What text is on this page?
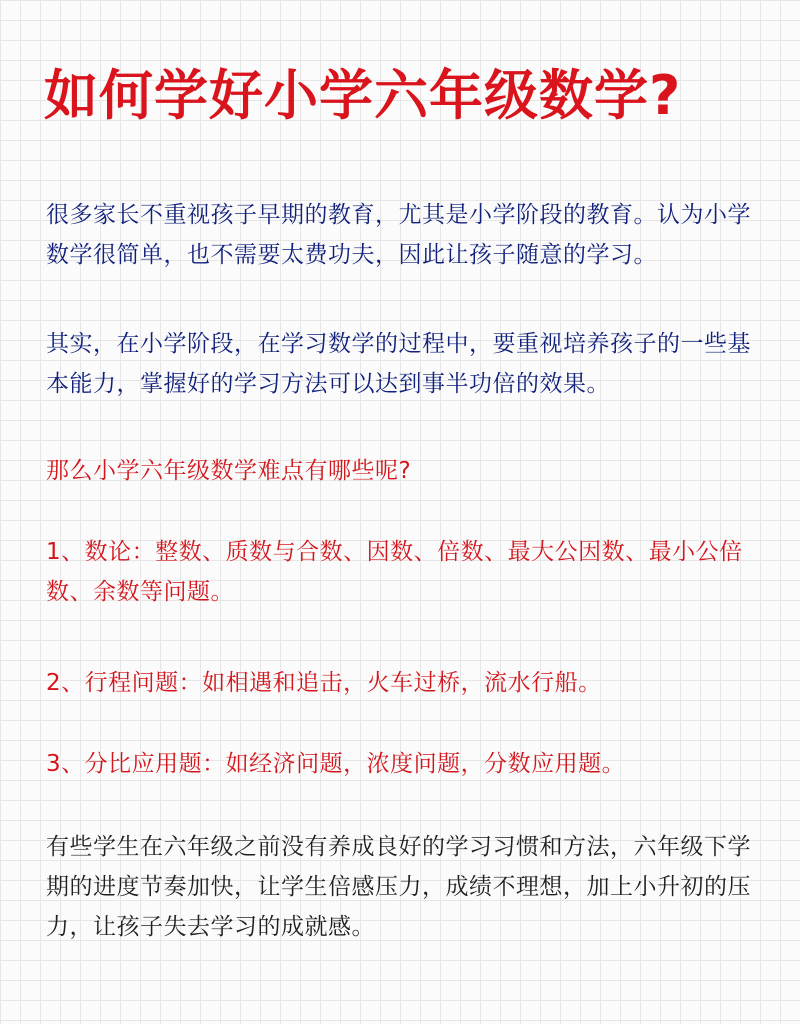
如何学好小学六年级数学?

很多家长不重视孩子早期的教育，尤其是小学阶段的教育。认为小学数学很简单，也不需要太费功夫，因此让孩子随意的学习。

其实，在小学阶段，在学习数学的过程中，要重视培养孩子的一些基本能力，掌握好的学习方法可以达到事半功倍的效果。

那么小学六年级数学难点有哪些呢?

1、数论：整数、质数与合数、因数、倍数、最大公因数、最小公倍数、余数等问题。

2、行程问题：如相遇和追击，火车过桥，流水行船。

3、分比应用题：如经济问题，浓度问题，分数应用题。

有些学生在六年级之前没有养成良好的学习习惯和方法，六年级下学期的进度节奏加快，让学生倍感压力，成绩不理想，加上小升初的压力，让孩子失去学习的成就感。
